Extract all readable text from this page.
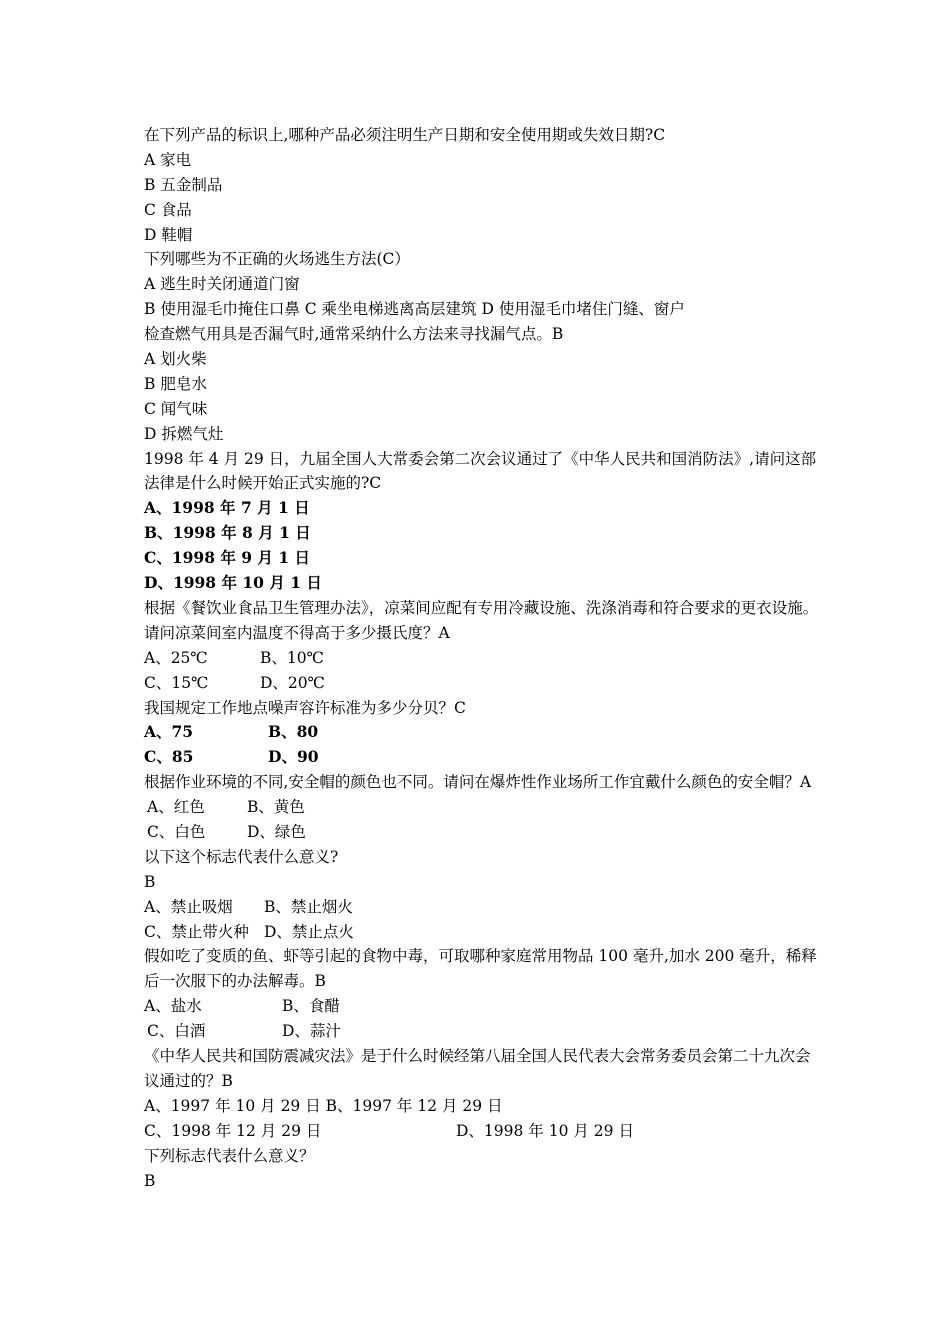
在下列产品的标识上,哪种产品必须注明生产日期和安全使用期或失效日期?C
A 家电
B 五金制品
C 食品
D 鞋帽
下列哪些为不正确的火场逃生方法(C）
A 逃生时关闭通道门窗
B 使用湿毛巾掩住口鼻 C 乘坐电梯逃离高层建筑 D 使用湿毛巾堵住门缝、窗户
检查燃气用具是否漏气时,通常采纳什么方法来寻找漏气点。B
A 划火柴
B 肥皂水
C 闻气味
D 拆燃气灶
1998 年 4 月 29 日，九届全国人大常委会第二次会议通过了《中华人民共和国消防法》,请问这部法律是什么时候开始正式实施的?C
A、1998 年 7 月 1 日
B、1998 年 8 月 1 日
C、1998 年 9 月 1 日
D、1998 年 10 月 1 日
根据《餐饮业食品卫生管理办法》，凉菜间应配有专用冷藏设施、洗涤消毒和符合要求的更衣设施。请问凉菜间室内温度不得高于多少摄氏度？A
A、25℃	B、10℃
C、15℃	D、20℃
我国规定工作地点噪声容许标准为多少分贝？C
A、75	B、80
C、85	D、90
根据作业环境的不同,安全帽的颜色也不同。请问在爆炸性作业场所工作宜戴什么颜色的安全帽？A
A、红色	B、黄色
C、白色	D、绿色
以下这个标志代表什么意义?
B
A、禁止吸烟 B、禁止烟火
C、禁止带火种 D、禁止点火
假如吃了变质的鱼、虾等引起的食物中毒，可取哪种家庭常用物品 100 毫升,加水 200 毫升，稀释后一次服下的办法解毒。B
A、盐水	B、食醋
C、白酒	D、蒜汁
《中华人民共和国防震减灾法》是于什么时候经第八届全国人民代表大会常务委员会第二十九次会议通过的？B
A、1997 年 10 月 29 日 B、1997 年 12 月 29 日
C、1998 年 12 月 29 日	D、1998 年 10 月 29 日
下列标志代表什么意义？
B
